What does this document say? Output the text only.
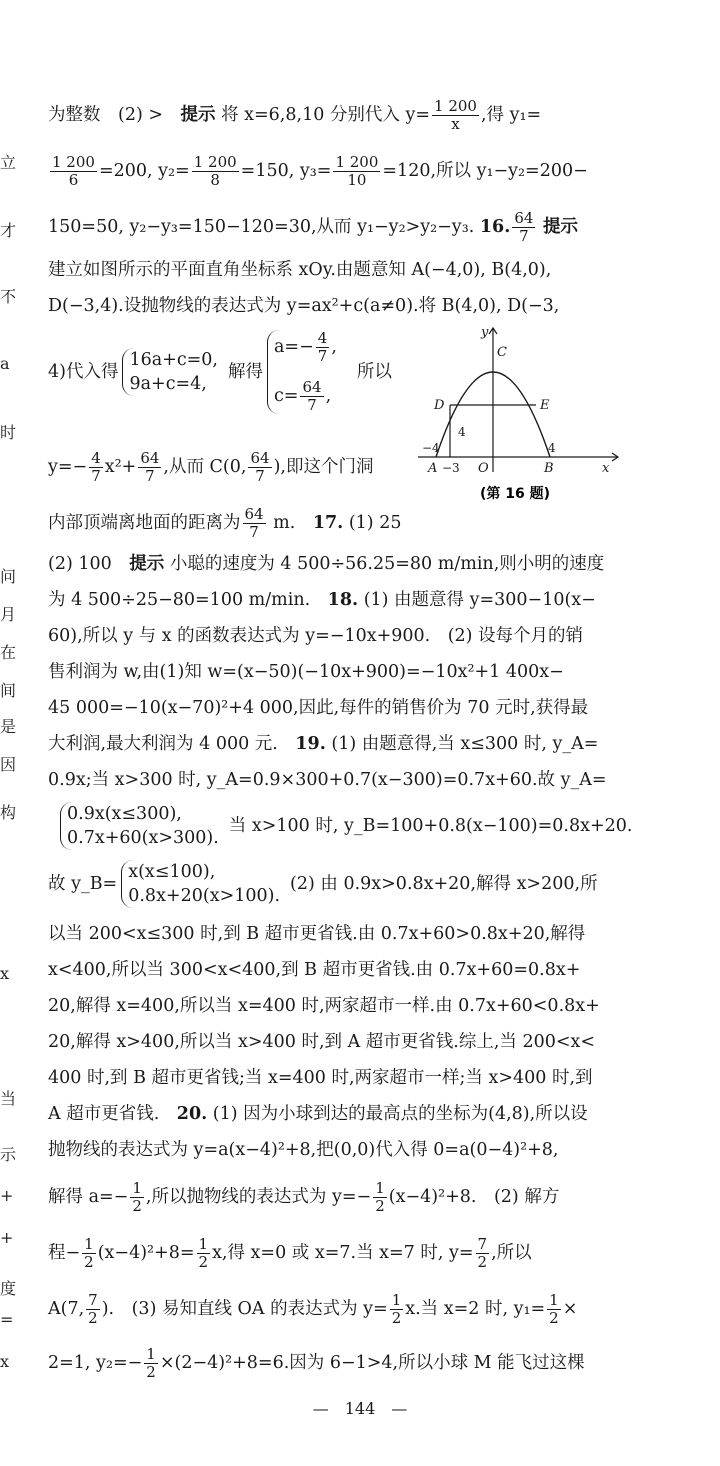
立
才
不
a
时
问
月
在
间
是
因
构
x
当
示
+
+
度
=
x
为整数　(2) >　提示 将 x=6,8,10 分别代入 $y= \frac{1 200}{x}$ ,得 y₁=
$\frac{1 200}{6} =200$, $y_2= \frac{1 200}{8} =150$, $y_3= \frac{1 200}{10} =120$,所以 y₁−y₂=200−
150=50, y₂−y₃=150−120=30,从而 y₁−y₂>y₂−y₃. 16. $\frac{64}{7}$ 提示
建立如图所示的平面直角坐标系 xOy.由题意知 A(−4,0), B(4,0),
D(−3,4).设抛物线的表达式为 y=ax²+c(a≠0).将 B(4,0), D(−3,
4)代入得
16a+c=0,
9a+c=4,
解得
$a=- \frac{4}{7}$ ,
$c= \frac{64}{7}$ ,
所以
$y=- \frac{4}{7} x^2+ \frac{64}{7}$ ,从而 C(0, $\frac{64}{7}$ ),即这个门洞
内部顶端离地面的距离为 $\frac{64}{7} m$.　17. (1) 25
(2) 100　提示 小聪的速度为 4 500÷56.25=80 m/min,则小明的速度
为 4 500÷25−80=100 m/min.　18. (1) 由题意得 y=300−10(x−
60),所以 y 与 x 的函数表达式为 y=−10x+900.　(2) 设每个月的销
售利润为 w,由(1)知 w=(x−50)(−10x+900)=−10x²+1 400x−
45 000=−10(x−70)²+4 000,因此,每件的销售价为 70 元时,获得最
大利润,最大利润为 4 000 元.　19. (1) 由题意得,当 x≤300 时, y_A=
0.9x;当 x>300 时, y_A=0.9×300+0.7(x−300)=0.7x+60.故 y_A=
0.9x(x≤300),
0.7x+60(x>300).
当 x>100 时, y_B=100+0.8(x−100)=0.8x+20.
故 y_B=
x(x≤100),
0.8x+20(x>100).
(2) 由 0.9x>0.8x+20,解得 x>200,所
以当 200<x≤300 时,到 B 超市更省钱.由 0.7x+60>0.8x+20,解得
x<400,所以当 300<x<400,到 B 超市更省钱.由 0.7x+60=0.8x+
20,解得 x=400,所以当 x=400 时,两家超市一样.由 0.7x+60<0.8x+
20,解得 x>400,所以当 x>400 时,到 A 超市更省钱.综上,当 200<x<
400 时,到 B 超市更省钱;当 x=400 时,两家超市一样;当 x>400 时,到
A 超市更省钱.　20. (1) 因为小球到达的最高点的坐标为(4,8),所以设
抛物线的表达式为 y=a(x−4)²+8,把(0,0)代入得 0=a(0−4)²+8,
解得 $a=- \frac{1}{2}$ ,所以抛物线的表达式为 $y=- \frac{1}{2} (x-4)^2+8$.　(2) 解方
程− $\frac{1}{2} (x-4)^2+8= \frac{1}{2} x$,得 x=0 或 x=7.当 x=7 时, $y= \frac{7}{2}$ ,所以
A(7, $\frac{7}{2}$ ).　(3) 易知直线 OA 的表达式为 $y= \frac{1}{2} x$.当 x=2 时, $y_1= \frac{1}{2}$ ×
2=1, $y_2=- \frac{1}{2} \times(2-4)^2+8=6$.因为 6−1>4,所以小球 M 能飞过这棵
y
C
D	E
A	O	B	x
−4
−3
4
4
(第 16 题)
—　144　—
